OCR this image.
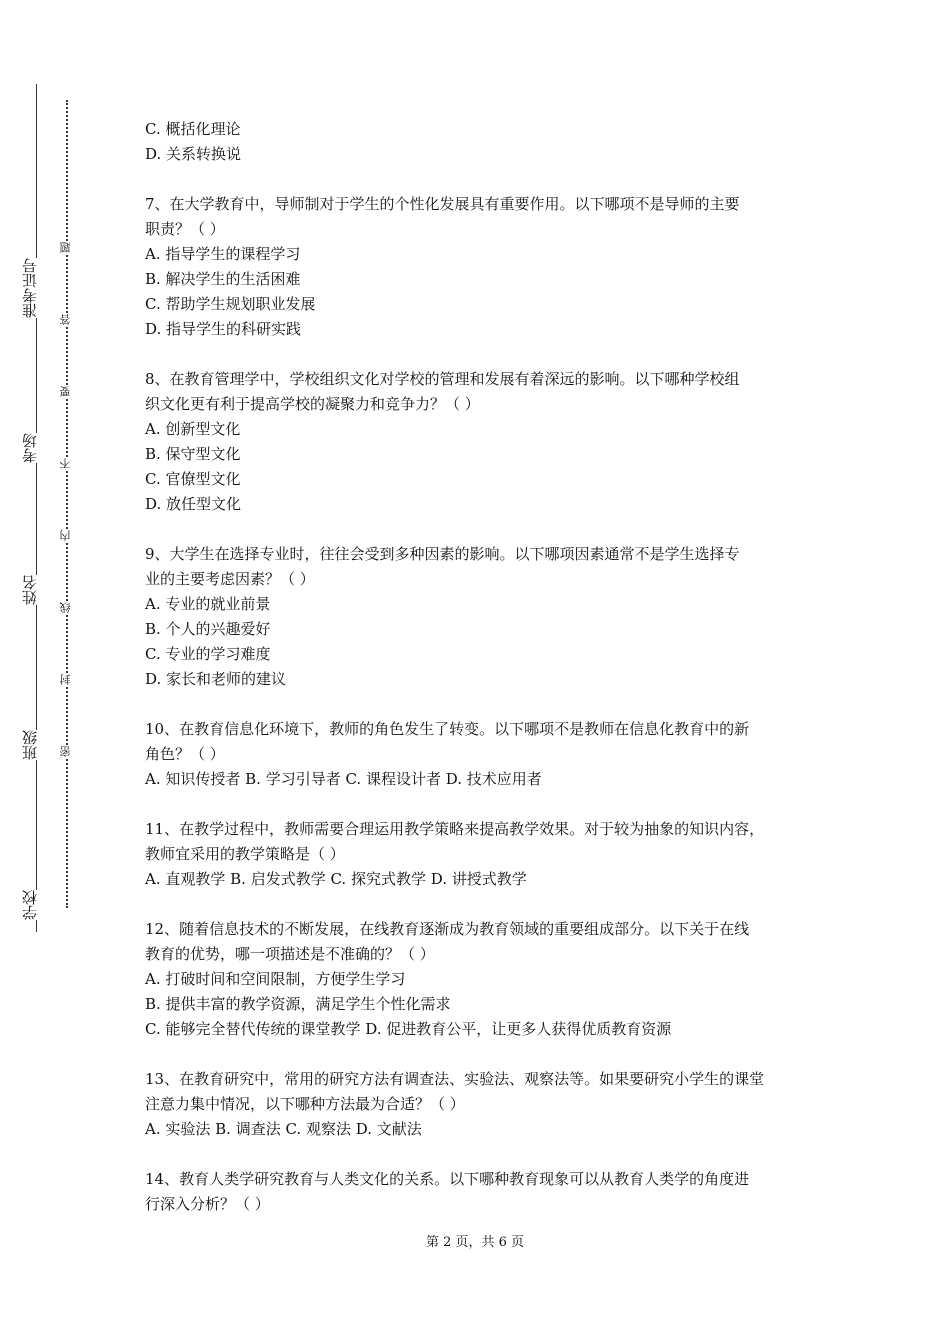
准考证号
考场
姓名
班级
学校
题
答
要
不
内
线
封
密
C. 概括化理论
D. 关系转换说
7、在大学教育中，导师制对于学生的个性化发展具有重要作用。以下哪项不是导师的主要
职责？（ ）
A. 指导学生的课程学习
B. 解决学生的生活困难
C. 帮助学生规划职业发展
D. 指导学生的科研实践
8、在教育管理学中，学校组织文化对学校的管理和发展有着深远的影响。以下哪种学校组
织文化更有利于提高学校的凝聚力和竞争力？（ ）
A. 创新型文化
B. 保守型文化
C. 官僚型文化
D. 放任型文化
9、大学生在选择专业时，往往会受到多种因素的影响。以下哪项因素通常不是学生选择专
业的主要考虑因素？（ ）
A. 专业的就业前景
B. 个人的兴趣爱好
C. 专业的学习难度
D. 家长和老师的建议
10、在教育信息化环境下，教师的角色发生了转变。以下哪项不是教师在信息化教育中的新
角色？（ ）
A. 知识传授者 B. 学习引导者 C. 课程设计者 D. 技术应用者
11、在教学过程中，教师需要合理运用教学策略来提高教学效果。对于较为抽象的知识内容，
教师宜采用的教学策略是（ ）
A. 直观教学 B. 启发式教学 C. 探究式教学 D. 讲授式教学
12、随着信息技术的不断发展，在线教育逐渐成为教育领域的重要组成部分。以下关于在线
教育的优势，哪一项描述是不准确的？（ ）
A. 打破时间和空间限制，方便学生学习
B. 提供丰富的教学资源，满足学生个性化需求
C. 能够完全替代传统的课堂教学 D. 促进教育公平，让更多人获得优质教育资源
13、在教育研究中，常用的研究方法有调查法、实验法、观察法等。如果要研究小学生的课堂
注意力集中情况，以下哪种方法最为合适？（ ）
A. 实验法 B. 调查法 C. 观察法 D. 文献法
14、教育人类学研究教育与人类文化的关系。以下哪种教育现象可以从教育人类学的角度进
行深入分析？（ ）
第 2 页，共 6 页
